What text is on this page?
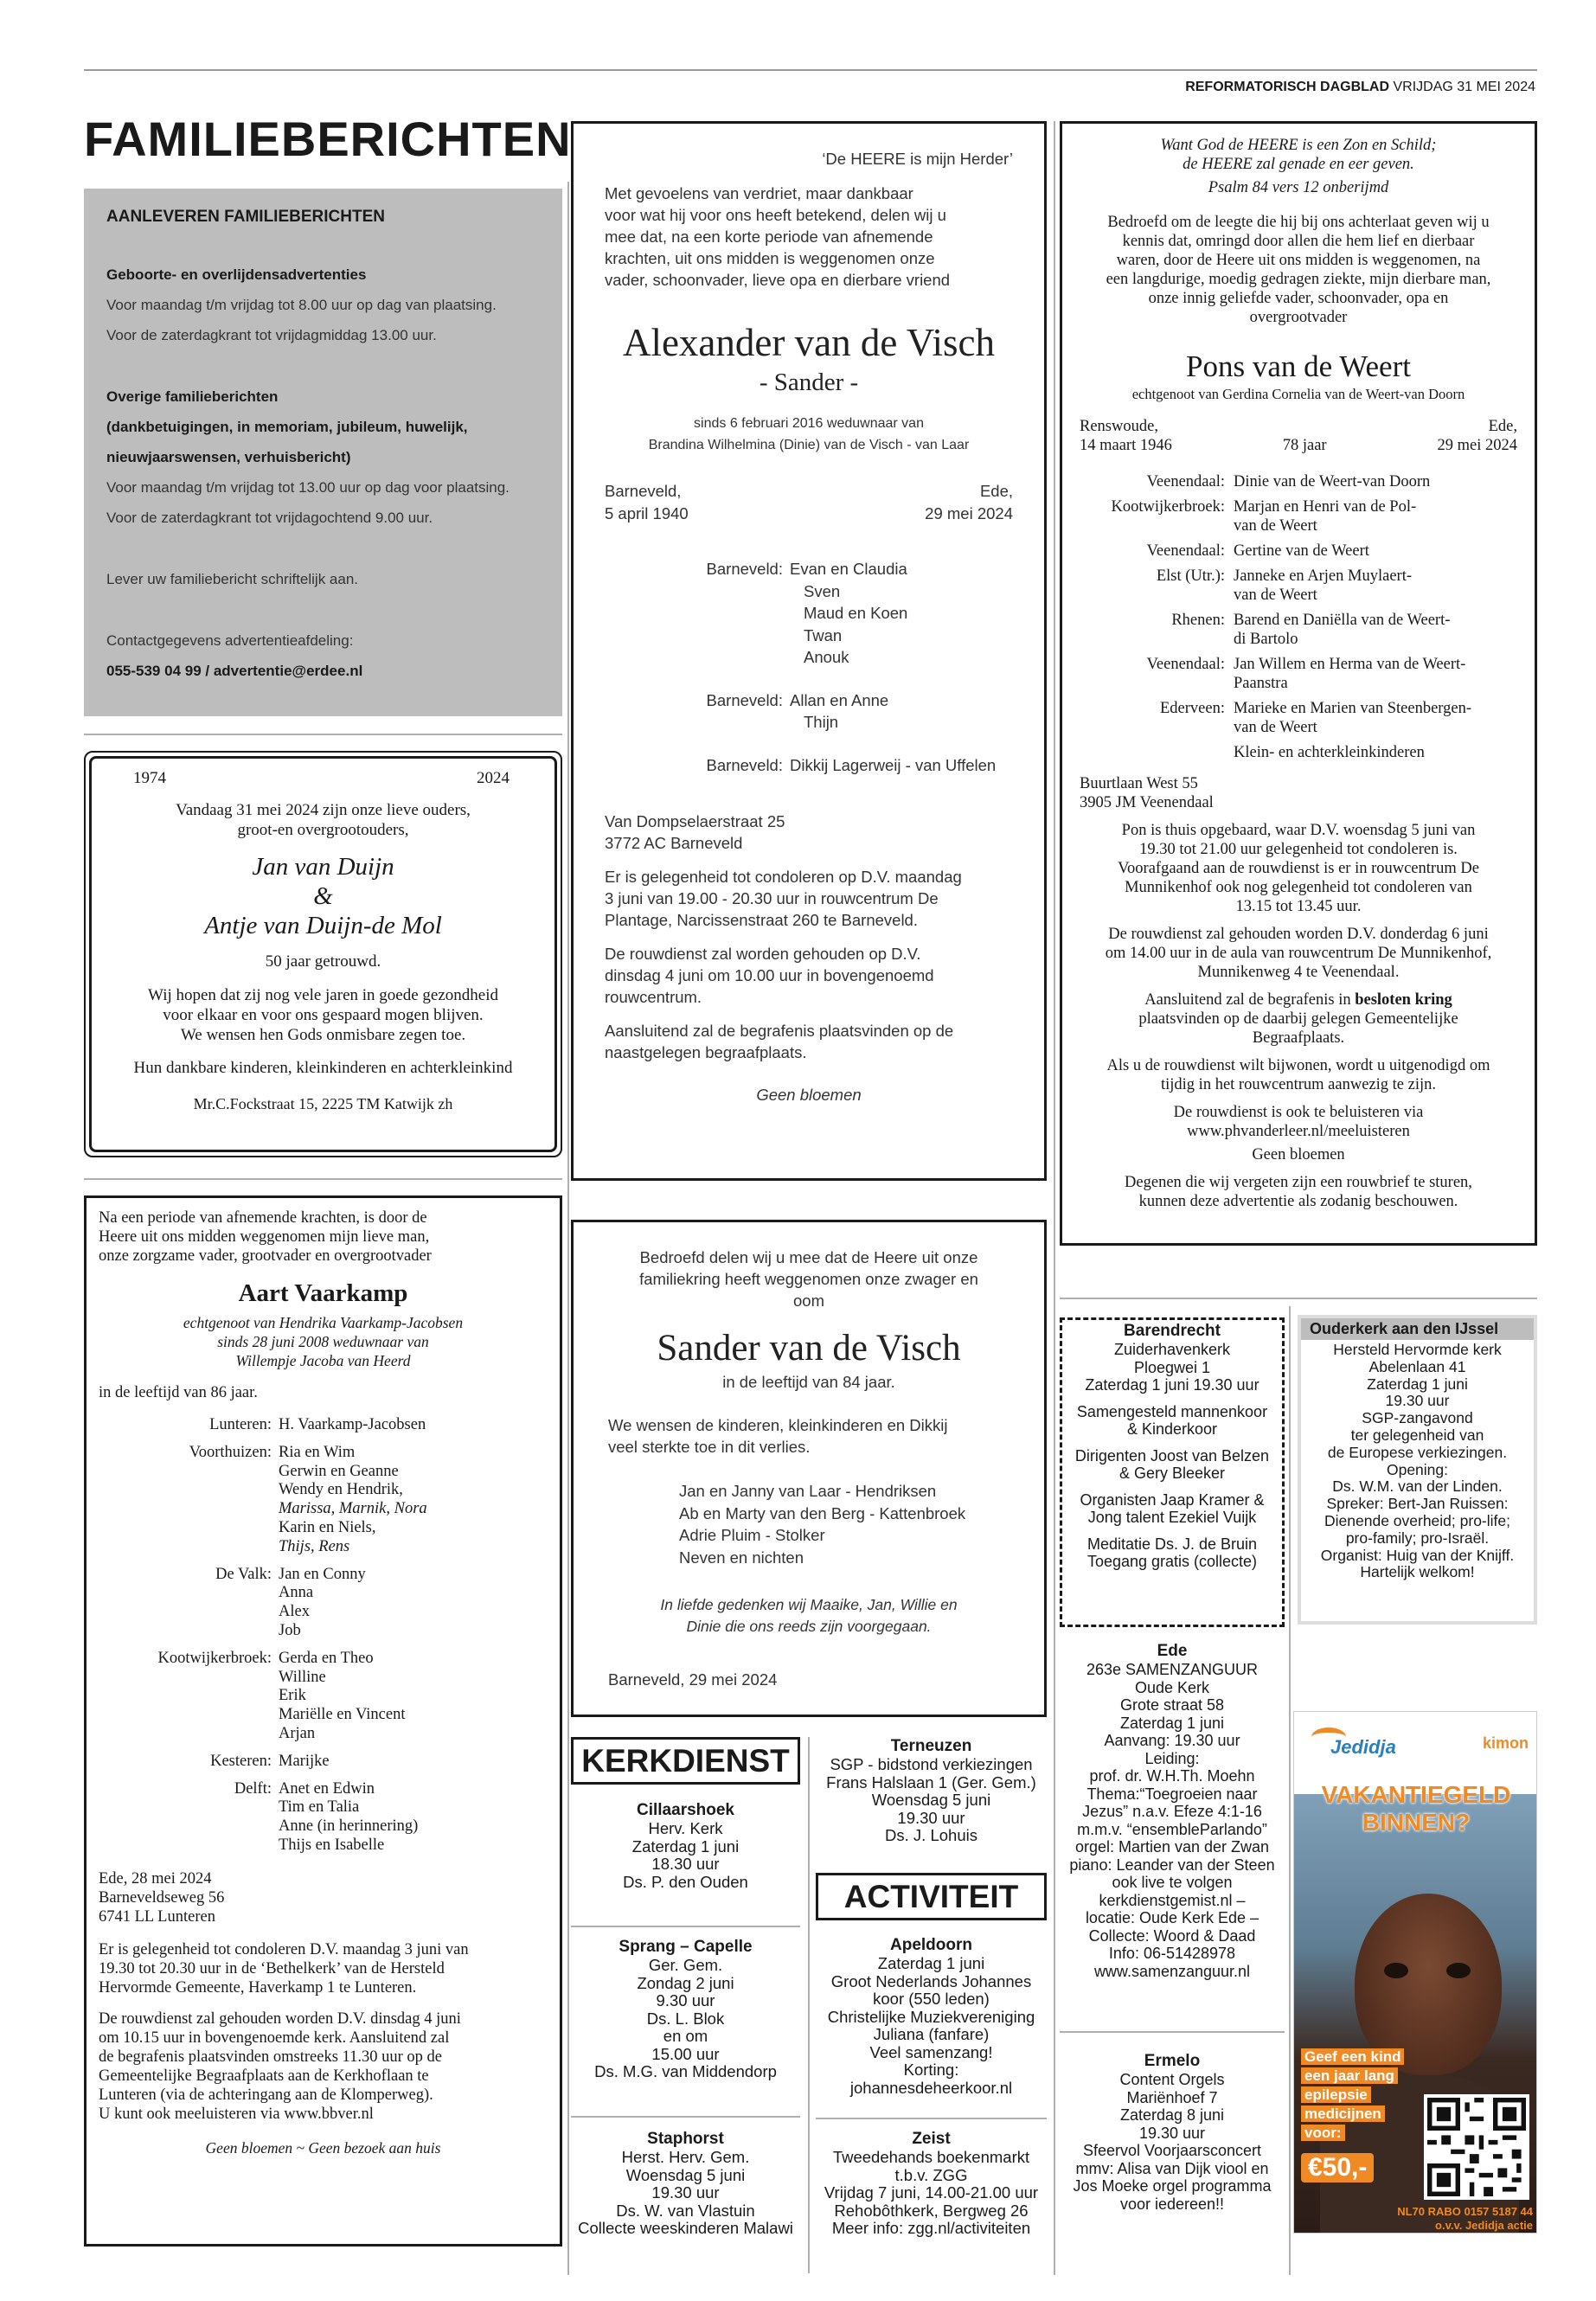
REFORMATORISCH DAGBLAD VRIJDAG 31 MEI 2024
FAMILIEBERICHTEN
AANLEVEREN FAMILIEBERICHTEN

Geboorte- en overlijdensadvertenties

Voor maandag t/m vrijdag tot 8.00 uur op dag van plaatsing.

Voor de zaterdagkrant tot vrijdagmiddag 13.00 uur.

Overige familieberichten

(dankbetuigingen, in memoriam, jubileum, huwelijk,

nieuwjaarswensen, verhuisbericht)

Voor maandag t/m vrijdag tot 13.00 uur op dag voor plaatsing.

Voor de zaterdagkrant tot vrijdagochtend 9.00 uur.

Lever uw familiebericht schriftelijk aan.

Contactgegevens advertentieafdeling:

055-539 04 99 / advertentie@erdee.nl

1974	2024

Vandaag 31 mei 2024 zijn onze lieve ouders,

groot-en overgrootouders,

Jan van Duijn

&

Antje van Duijn-de Mol

50 jaar getrouwd.

Wij hopen dat zij nog vele jaren in goede gezondheid

voor elkaar en voor ons gespaard mogen blijven.

We wensen hen Gods onmisbare zegen toe.

Hun dankbare kinderen, kleinkinderen en achterkleinkind

Mr.C.Fockstraat 15, 2225 TM Katwijk zh

Na een periode van afnemende krachten, is door de

Heere uit ons midden weggenomen mijn lieve man,

onze zorgzame vader, grootvader en overgrootvader

Aart Vaarkamp

echtgenoot van Hendrika Vaarkamp-Jacobsen

sinds 28 juni 2008 weduwnaar van

Willempje Jacoba van Heerd

in de leeftijd van 86 jaar.

Lunteren: H. Vaarkamp-Jacobsen

Voorthuizen: Ria en Wim

Gerwin en Geanne

Wendy en Hendrik,

Marissa, Marnik, Nora

Karin en Niels,

Thijs, Rens

De Valk: Jan en Conny

Anna

Alex

Job

Kootwijkerbroek: Gerda en Theo

Willine

Erik

Mariëlle en Vincent

Arjan

Kesteren: Marijke

Delft: Anet en Edwin

Tim en Talia

Anne (in herinnering)

Thijs en Isabelle

Ede, 28 mei 2024

Barneveldseweg 56

6741 LL Lunteren

Er is gelegenheid tot condoleren D.V. maandag 3 juni van

19.30 tot 20.30 uur in de ‘Bethelkerk’ van de Hersteld

Hervormde Gemeente, Haverkamp 1 te Lunteren.

De rouwdienst zal gehouden worden D.V. dinsdag 4 juni

om 10.15 uur in bovengenoemde kerk. Aansluitend zal

de begrafenis plaatsvinden omstreeks 11.30 uur op de

Gemeentelijke Begraafplaats aan de Kerkhoflaan te

Lunteren (via de achteringang aan de Klomperweg).

U kunt ook meeluisteren via www.bbver.nl

Geen bloemen ~ Geen bezoek aan huis

‘De HEERE is mijn Herder’

Met gevoelens van verdriet, maar dankbaar

voor wat hij voor ons heeft betekend, delen wij u

mee dat, na een korte periode van afnemende

krachten, uit ons midden is weggenomen onze

vader, schoonvader, lieve opa en dierbare vriend

Alexander van de Visch

- Sander -

sinds 6 februari 2016 weduwnaar van

Brandina Wilhelmina (Dinie) van de Visch - van Laar

Barneveld,

5 april 1940

Ede,

29 mei 2024

Barneveld: Evan en Claudia

Sven

Maud en Koen

Twan

Anouk

Barneveld: Allan en Anne

Thijn

Barneveld: Dikkij Lagerweij - van Uffelen

Van Dompselaerstraat 25

3772 AC Barneveld

Er is gelegenheid tot condoleren op D.V. maandag

3 juni van 19.00 - 20.30 uur in rouwcentrum De

Plantage, Narcissenstraat 260 te Barneveld.

De rouwdienst zal worden gehouden op D.V.

dinsdag 4 juni om 10.00 uur in bovengenoemd

rouwcentrum.

Aansluitend zal de begrafenis plaatsvinden op de

naastgelegen begraafplaats.

Geen bloemen

Bedroefd delen wij u mee dat de Heere uit onze

familiekring heeft weggenomen onze zwager en

oom

Sander van de Visch

in de leeftijd van 84 jaar.

We wensen de kinderen, kleinkinderen en Dikkij

veel sterkte toe in dit verlies.

Jan en Janny van Laar - Hendriksen

Ab en Marty van den Berg - Kattenbroek

Adrie Pluim - Stolker

Neven en nichten

In liefde gedenken wij Maaike, Jan, Willie en

Dinie die ons reeds zijn voorgegaan.

Barneveld, 29 mei 2024

Want God de HEERE is een Zon en Schild;

de HEERE zal genade en eer geven.

Psalm 84 vers 12 onberijmd

Bedroefd om de leegte die hij bij ons achterlaat geven wij u

kennis dat, omringd door allen die hem lief en dierbaar

waren, door de Heere uit ons midden is weggenomen, na

een langdurige, moedig gedragen ziekte, mijn dierbare man,

onze innig geliefde vader, schoonvader, opa en

overgrootvader

Pons van de Weert

echtgenoot van Gerdina Cornelia van de Weert-van Doorn

Renswoude,

14 maart 1946	78 jaar

Ede,

29 mei 2024

Veenendaal: Dinie van de Weert-van Doorn

Kootwijkerbroek: Marjan en Henri van de Pol-

van de Weert

Veenendaal: Gertine van de Weert

Elst (Utr.): Janneke en Arjen Muylaert-

van de Weert

Rhenen: Barend en Daniëlla van de Weert-

di Bartolo

Veenendaal: Jan Willem en Herma van de Weert-

Paanstra

Ederveen: Marieke en Marien van Steenbergen-

van de Weert

Klein- en achterkleinkinderen

Buurtlaan West 55

3905 JM Veenendaal

Pon is thuis opgebaard, waar D.V. woensdag 5 juni van

19.30 tot 21.00 uur gelegenheid tot condoleren is.

Voorafgaand aan de rouwdienst is er in rouwcentrum De

Munnikenhof ook nog gelegenheid tot condoleren van

13.15 tot 13.45 uur.

De rouwdienst zal gehouden worden D.V. donderdag 6 juni

om 14.00 uur in de aula van rouwcentrum De Munnikenhof,

Munnikenweg 4 te Veenendaal.

Aansluitend zal de begrafenis in besloten kring

plaatsvinden op de daarbij gelegen Gemeentelijke

Begraafplaats.

Als u de rouwdienst wilt bijwonen, wordt u uitgenodigd om

tijdig in het rouwcentrum aanwezig te zijn.

De rouwdienst is ook te beluisteren via

www.phvanderleer.nl/meeluisteren

Geen bloemen

Degenen die wij vergeten zijn een rouwbrief te sturen,

kunnen deze advertentie als zodanig beschouwen.

KERKDIENST

Cillaarshoek

Herv. Kerk

Zaterdag 1 juni

18.30 uur

Ds. P. den Ouden

Sprang – Capelle

Ger. Gem.

Zondag 2 juni

9.30 uur

Ds. L. Blok

en om

15.00 uur

Ds. M.G. van Middendorp

Staphorst

Herst. Herv. Gem.

Woensdag 5 juni

19.30 uur

Ds. W. van Vlastuin

Collecte weeskinderen Malawi

Terneuzen

SGP - bidstond verkiezingen

Frans Halslaan 1 (Ger. Gem.)

Woensdag 5 juni

19.30 uur

Ds. J. Lohuis

ACTIVITEIT

Apeldoorn

Zaterdag 1 juni

Groot Nederlands Johannes

koor (550 leden)

Christelijke Muziekvereniging

Juliana (fanfare)

Veel samenzang!

Korting:

johannesdeheerkoor.nl

Zeist

Tweedehands boekenmarkt

t.b.v. ZGG

Vrijdag 7 juni, 14.00-21.00 uur

Rehobôthkerk, Bergweg 26

Meer info: zgg.nl/activiteiten

Barendrecht

Zuiderhavenkerk

Ploegwei 1

Zaterdag 1 juni 19.30 uur

Samengesteld mannenkoor

& Kinderkoor

Dirigenten Joost van Belzen

& Gery Bleeker

Organisten Jaap Kramer &

Jong talent Ezekiel Vuijk

Meditatie Ds. J. de Bruin

Toegang gratis (collecte)

Ouderkerk aan den IJssel

Hersteld Hervormde kerk

Abelenlaan 41

Zaterdag 1 juni

19.30 uur

SGP-zangavond

ter gelegenheid van

de Europese verkiezingen.

Opening:

Ds. W.M. van der Linden.

Spreker: Bert-Jan Ruissen:

Dienende overheid; pro-life;

pro-family; pro-Israël.

Organist: Huig van der Knijff.

Hartelijk welkom!

Ede

263e SAMENZANGUUR

Oude Kerk

Grote straat 58

Zaterdag 1 juni

Aanvang: 19.30 uur

Leiding:

prof. dr. W.H.Th. Moehn

Thema:“Toegroeien naar

Jezus” n.a.v. Efeze 4:1-16

m.m.v. “ensembleParlando”

orgel: Martien van der Zwan

piano: Leander van der Steen

ook live te volgen

kerkdienstgemist.nl –

locatie: Oude Kerk Ede –

Collecte: Woord & Daad

Info: 06-51428978

www.samenzanguur.nl

Ermelo

Content Orgels

Mariënhoef 7

Zaterdag 8 juni

19.30 uur

Sfeervol Voorjaarsconcert

mmv: Alisa van Dijk viool en

Jos Moeke orgel programma

voor iedereen!!

Jedidja	kimon

VAKANTIEGELD

BINNEN?

Geef een kind

een jaar lang

epilepsie

medicijnen

voor:

€50,-

NL70 RABO 0157 5187 44

o.v.v. Jedidja actie
